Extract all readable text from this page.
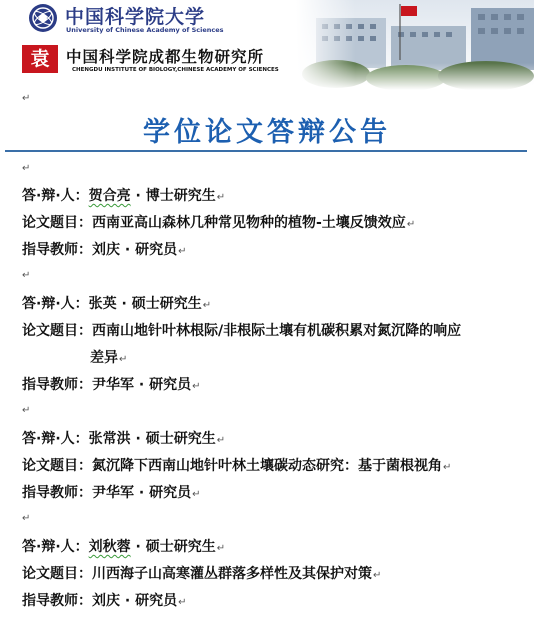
中国科学院大学
University of Chinese Academy of Sciences
袁	中国科学院成都生物研究所
CHENGDU INSTITUTE OF BIOLOGY,CHINESE ACADEMY OF SCIENCES
↵
学位论文答辩公告
↵
答·辩·人：贺合亮 · 博士研究生↵
论文题目：西南亚高山森林几种常见物种的植物-土壤反馈效应↵
指导教师：刘庆 · 研究员↵
↵
答·辩·人：张英 · 硕士研究生↵
论文题目：西南山地针叶林根际/非根际土壤有机碳积累对氮沉降的响应
差异↵
指导教师：尹华军 · 研究员↵
↵
答·辩·人：张常洪 · 硕士研究生↵
论文题目：氮沉降下西南山地针叶林土壤碳动态研究：基于菌根视角↵
指导教师：尹华军 · 研究员↵
↵
答·辩·人：刘秋蓉 · 硕士研究生↵
论文题目：川西海子山高寒灌丛群落多样性及其保护对策↵
指导教师：刘庆 · 研究员↵
